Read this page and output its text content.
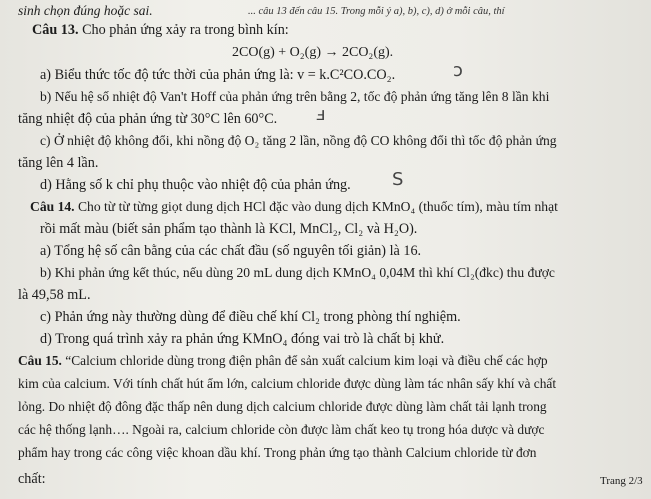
sinh chọn đúng hoặc sai.	... câu 13 đến câu 15. Trong mỗi ý a), b), c), d) ở mỗi câu, thí
Câu 13. Cho phản ứng xảy ra trong bình kín:
2CO(g) + O₂(g) → 2CO₂(g).
a) Biểu thức tốc độ tức thời của phản ứng là: v = k.C²CO.CO₂.	ↄ
b) Nếu hệ số nhiệt độ Van't Hoff của phản ứng trên bằng 2, tốc độ phản ứng tăng lên 8 lần khi
tăng nhiệt độ của phản ứng từ 30°C lên 60°C. ⅎ
c) Ở nhiệt độ không đổi, khi nồng độ O₂ tăng 2 lần, nồng độ CO không đổi thì tốc độ phản ứng
tăng lên 4 lần.
d) Hằng số k chỉ phụ thuộc vào nhiệt độ của phản ứng. S
Câu 14. Cho từ từ từng giọt dung dịch HCl đặc vào dung dịch KMnO₄ (thuốc tím), màu tím nhạt
rồi mất màu (biết sản phẩm tạo thành là KCl, MnCl₂, Cl₂ và H₂O).
a) Tổng hệ số cân bằng của các chất đầu (số nguyên tối giản) là 16.
b) Khi phản ứng kết thúc, nếu dùng 20 mL dung dịch KMnO₄ 0,04M thì khí Cl₂(đkc) thu được
là 49,58 mL.
c) Phản ứng này thường dùng để điều chế khí Cl₂ trong phòng thí nghiệm.
d) Trong quá trình xảy ra phản ứng KMnO₄ đóng vai trò là chất bị khử.
Câu 15. “Calcium chloride dùng trong điện phân để sản xuất calcium kim loại và điều chế các hợp
kim của calcium. Với tính chất hút ẩm lớn, calcium chloride được dùng làm tác nhân sấy khí và chất
lỏng. Do nhiệt độ đông đặc thấp nên dung dịch calcium chloride được dùng làm chất tải lạnh trong
các hệ thống lạnh…. Ngoài ra, calcium chloride còn được làm chất keo tụ trong hóa dược và dược
phẩm hay trong các công việc khoan dầu khí. Trong phản ứng tạo thành Calcium chloride từ đơn
chất:	Trang 2/3
